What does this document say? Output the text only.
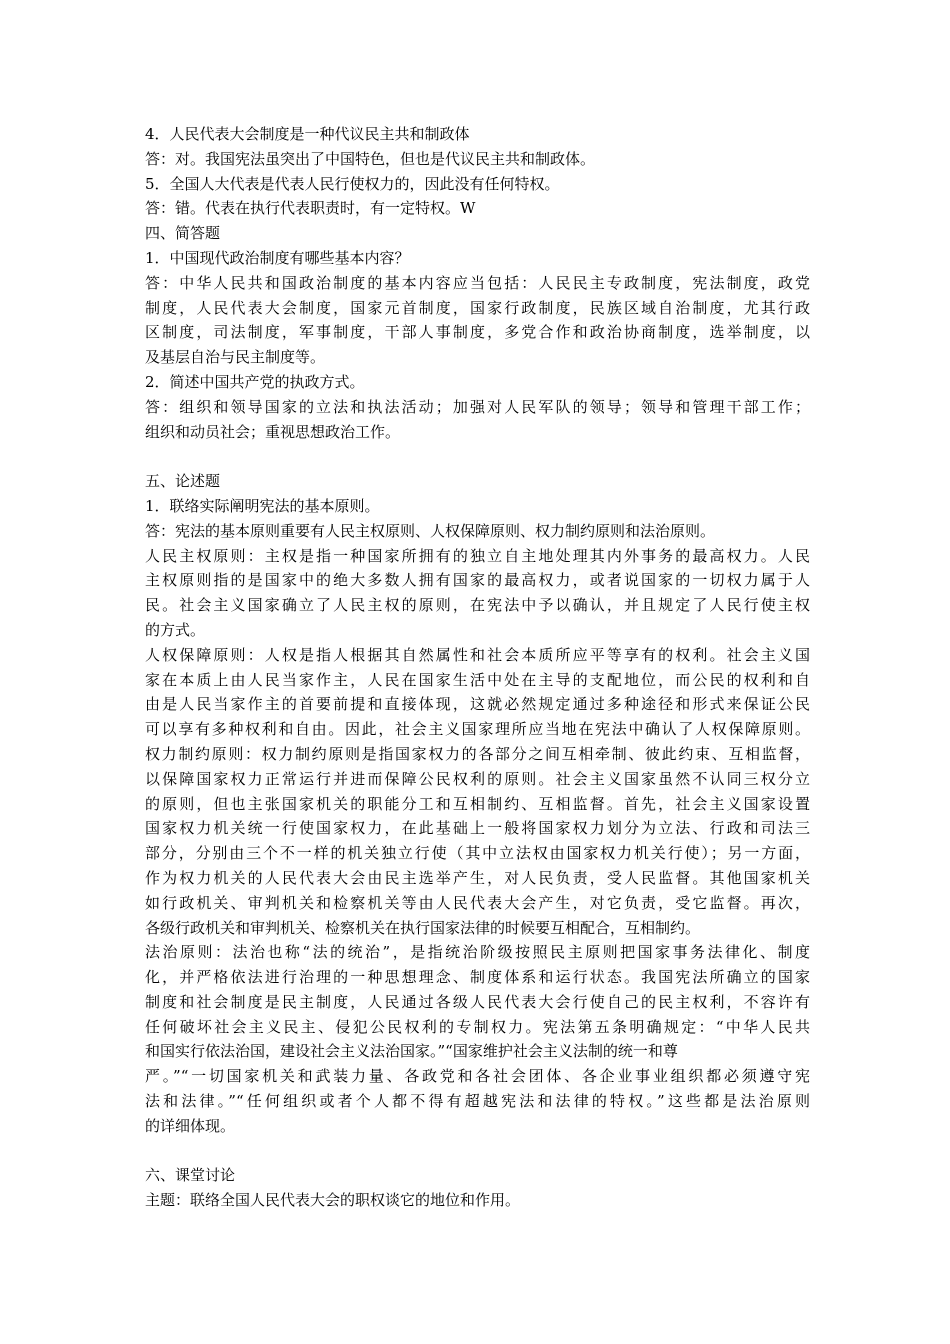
4．人民代表大会制度是一种代议民主共和制政体
答：对。我国宪法虽突出了中国特色，但也是代议民主共和制政体。
5．全国人大代表是代表人民行使权力的，因此没有任何特权。
答：错。代表在执行代表职责时，有一定特权。W
四、简答题
1．中国现代政治制度有哪些基本内容？
答：中华人民共和国政治制度的基本内容应当包括：人民民主专政制度，宪法制度，政党
制度，人民代表大会制度，国家元首制度，国家行政制度，民族区域自治制度，尤其行政
区制度，司法制度，军事制度，干部人事制度，多党合作和政治协商制度，选举制度，以
及基层自治与民主制度等。
2．简述中国共产党的执政方式。
答：组织和领导国家的立法和执法活动；加强对人民军队的领导；领导和管理干部工作；
组织和动员社会；重视思想政治工作。
五、论述题
1．联络实际阐明宪法的基本原则。
答：宪法的基本原则重要有人民主权原则、人权保障原则、权力制约原则和法治原则。
人民主权原则：主权是指一种国家所拥有的独立自主地处理其内外事务的最高权力。人民
主权原则指的是国家中的绝大多数人拥有国家的最高权力，或者说国家的一切权力属于人
民。社会主义国家确立了人民主权的原则，在宪法中予以确认，并且规定了人民行使主权
的方式。
人权保障原则：人权是指人根据其自然属性和社会本质所应平等享有的权利。社会主义国
家在本质上由人民当家作主，人民在国家生活中处在主导的支配地位，而公民的权利和自
由是人民当家作主的首要前提和直接体现，这就必然规定通过多种途径和形式来保证公民
可以享有多种权利和自由。因此，社会主义国家理所应当地在宪法中确认了人权保障原则。
权力制约原则：权力制约原则是指国家权力的各部分之间互相牵制、彼此约束、互相监督，
以保障国家权力正常运行并进而保障公民权利的原则。社会主义国家虽然不认同三权分立
的原则，但也主张国家机关的职能分工和互相制约、互相监督。首先，社会主义国家设置
国家权力机关统一行使国家权力，在此基础上一般将国家权力划分为立法、行政和司法三
部分，分别由三个不一样的机关独立行使（其中立法权由国家权力机关行使）；另一方面，
作为权力机关的人民代表大会由民主选举产生，对人民负责，受人民监督。其他国家机关
如行政机关、审判机关和检察机关等由人民代表大会产生，对它负责，受它监督。再次，
各级行政机关和审判机关、检察机关在执行国家法律的时候要互相配合，互相制约。
法治原则：法治也称“法的统治”，是指统治阶级按照民主原则把国家事务法律化、制度
化，并严格依法进行治理的一种思想理念、制度体系和运行状态。我国宪法所确立的国家
制度和社会制度是民主制度，人民通过各级人民代表大会行使自己的民主权利，不容许有
任何破坏社会主义民主、侵犯公民权利的专制权力。宪法第五条明确规定：“中华人民共
和国实行依法治国，建设社会主义法治国家。”“国家维护社会主义法制的统一和尊
严。”“一切国家机关和武装力量、各政党和各社会团体、各企业事业组织都必须遵守宪
法和法律。”“任何组织或者个人都不得有超越宪法和法律的特权。”这些都是法治原则
的详细体现。
六、课堂讨论
主题：联络全国人民代表大会的职权谈它的地位和作用。
